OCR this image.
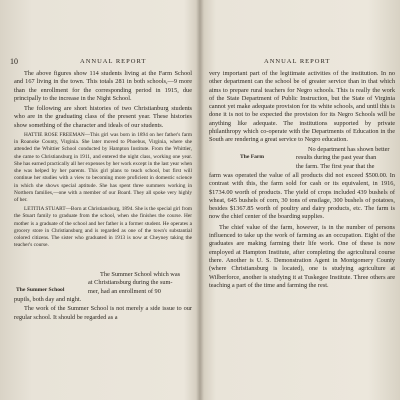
10	ANNUAL REPORT

The above figures show 114 students living at the Farm School and 167 living in the town. This totals 281 in both schools,—9 more than the enrollment for the corresponding period in 1915, due principally to the increase in the Night School.

The following are short histories of two Christianburg students who are in the graduating class of the present year. These histories show something of the character and ideals of our students.

HATTIE ROSE FREEMAN—This girl was born in 1894 on her father's farm in Roanoke County, Virginia. She later moved to Phoebus, Virginia, where she attended the Whittier School conducted by Hampton Institute. From the Whittier, she came to Christiansburg in 1911, and entered the night class, working one year. She has earned practically all her expenses by her work except in the last year when she was helped by her parents. This girl plans to teach school, but first will continue her studies with a view to becoming more proficient in domestic science in which she shows special aptitude. She has spent three summers working in Northern families,—one with a member of our Board. They all spoke very highly of her.

LETITIA STUART—Born at Christiansburg, 1894. She is the special girl from the Stuart family to graduate from the school, when she finishes the course. Her mother is a graduate of the school and her father is a former student. He operates a grocery store in Christiansburg and is regarded as one of the town's substantial colored citizens. The sister who graduated in 1913 is now at Cheyney taking the teacher's course.

The Summer School

The Summer School which was

at Christiansburg during the sum-

mer, had an enrollment of 90

pupils, both day and night.

The work of the Summer School is not merely a side issue to our regular school. It should be regarded as a

ANNUAL REPORT

very important part of the legitimate activities of the institution. In no other department can the school be of greater service than in that which aims to prepare rural teachers for Negro schools. This is really the work of the State Department of Public Instruction, but the State of Virginia cannot yet make adequate provision for its white schools, and until this is done it is not to be expected the provision for its Negro Schools will be anything like adequate. The institutions supported by private philanthropy which co-operate with the Departments of Education in the South are rendering a great service to Negro education.

The Farm

No department has shown better

results during the past year than

the farm. The first year that the

farm was operated the value of all products did not exceed $500.00. In contrast with this, the farm sold for cash or its equivalent, in 1916, $1734.00 worth of products. The yield of crops included 439 bushels of wheat, 645 bushels of corn, 30 tons of ensilage, 300 bushels of potatoes, besides $1367.85 worth of poultry and dairy products, etc. The farm is now the chief center of the boarding supplies.

The chief value of the farm, however, is in the number of persons influenced to take up the work of farming as an occupation. Eight of the graduates are making farming their life work. One of these is now employed at Hampton Institute, after completing the agricultural course there. Another is U. S. Demonstration Agent in Montgomery County (where Christiansburg is located), one is studying agriculture at Wilberforce, another is studying it at Tuskegee Institute. Three others are teaching a part of the time and farming the rest.
